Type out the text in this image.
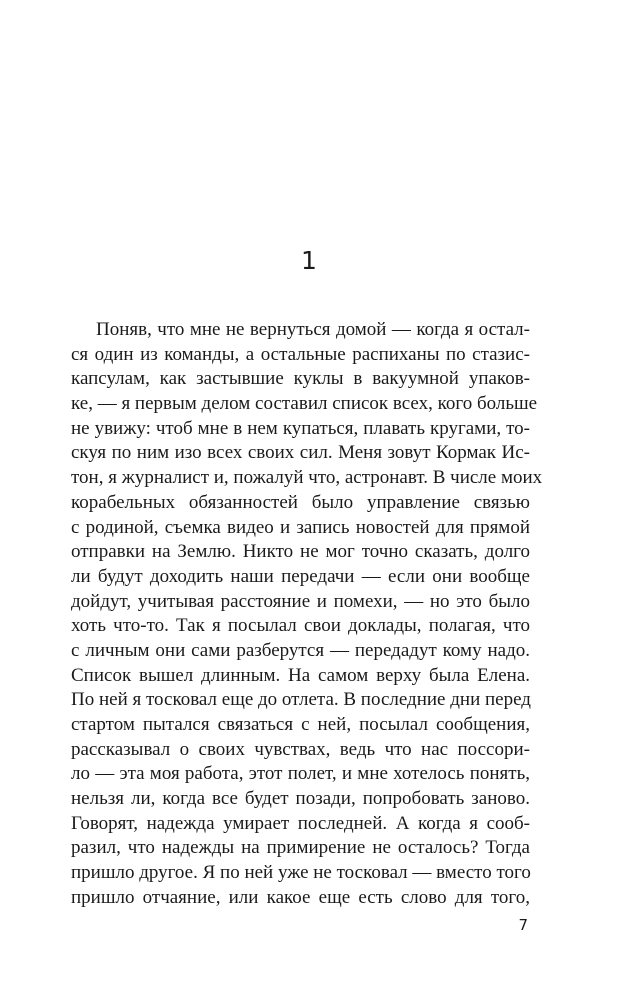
1
Поняв, что мне не вернуться домой — когда я остал-
ся один из команды, а остальные распиханы по стазис-
капсулам, как застывшие куклы в вакуумной упаков-
ке, — я первым делом составил список всех, кого больше
не увижу: чтоб мне в нем купаться, плавать кругами, то-
скуя по ним изо всех своих сил. Меня зовут Кормак Ис-
тон, я журналист и, пожалуй что, астронавт. В числе моих
корабельных обязанностей было управление связью
с родиной, съемка видео и запись новостей для прямой
отправки на Землю. Никто не мог точно сказать, долго
ли будут доходить наши передачи — если они вообще
дойдут, учитывая расстояние и помехи, — но это было
хоть что-то. Так я посылал свои доклады, полагая, что
с личным они сами разберутся — передадут кому надо.
Список вышел длинным. На самом верху была Елена.
По ней я тосковал еще до отлета. В последние дни перед
стартом пытался связаться с ней, посылал сообщения,
рассказывал о своих чувствах, ведь что нас поссори-
ло — эта моя работа, этот полет, и мне хотелось понять,
нельзя ли, когда все будет позади, попробовать заново.
Говорят, надежда умирает последней. А когда я сооб-
разил, что надежды на примирение не осталось? Тогда
пришло другое. Я по ней уже не тосковал — вместо того
пришло отчаяние, или какое еще есть слово для того,
7
